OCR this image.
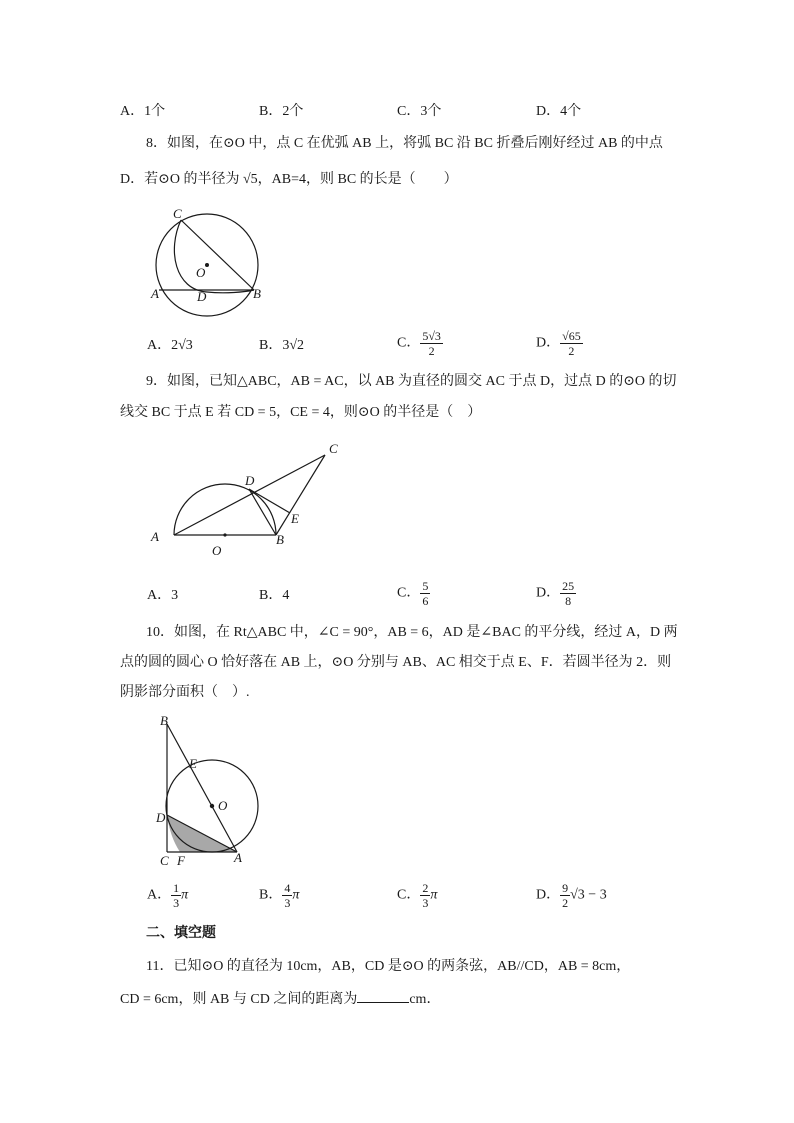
A．1个	B．2个	C．3个	D．4个
8．如图，在⊙O 中，点 C 在优弧 AB 上，将弧 BC 沿 BC 折叠后刚好经过 AB 的中点
D．若⊙O 的半径为 √5，AB=4，则 BC 的长是（　　）
C
O
A	D	B
A．2√3	B．3√2	C． $\frac{5√3}{2}$	D． $\frac{√65}{2}$
9．如图，已知△ABC，AB = AC，以 AB 为直径的圆交 AC 于点 D，过点 D 的⊙O 的切
线交 BC 于点 E 若 CD = 5，CE = 4，则⊙O 的半径是（　）
C
D
E
A
O
B
A．3	B．4	C． $\frac{5}{6}$	D． $\frac{25}{8}$
10．如图，在 Rt△ABC 中，∠C = 90°，AB = 6，AD 是∠BAC 的平分线，经过 A，D 两
点的圆的圆心 O 恰好落在 AB 上，⊙O 分别与 AB、AC 相交于点 E、F．若圆半径为 2．则
阴影部分面积（　）.
B
E
O
D
C F	A
A． $\frac{1}{3}$ π	B． $\frac{4}{3}$ π	C． $\frac{2}{3}$ π	D． $\frac{9}{2} √3 - 3$
二、填空题
11．已知⊙O 的直径为 10cm，AB，CD 是⊙O 的两条弦，AB//CD，AB = 8cm，
CD = 6cm，则 AB 与 CD 之间的距离为	cm．
